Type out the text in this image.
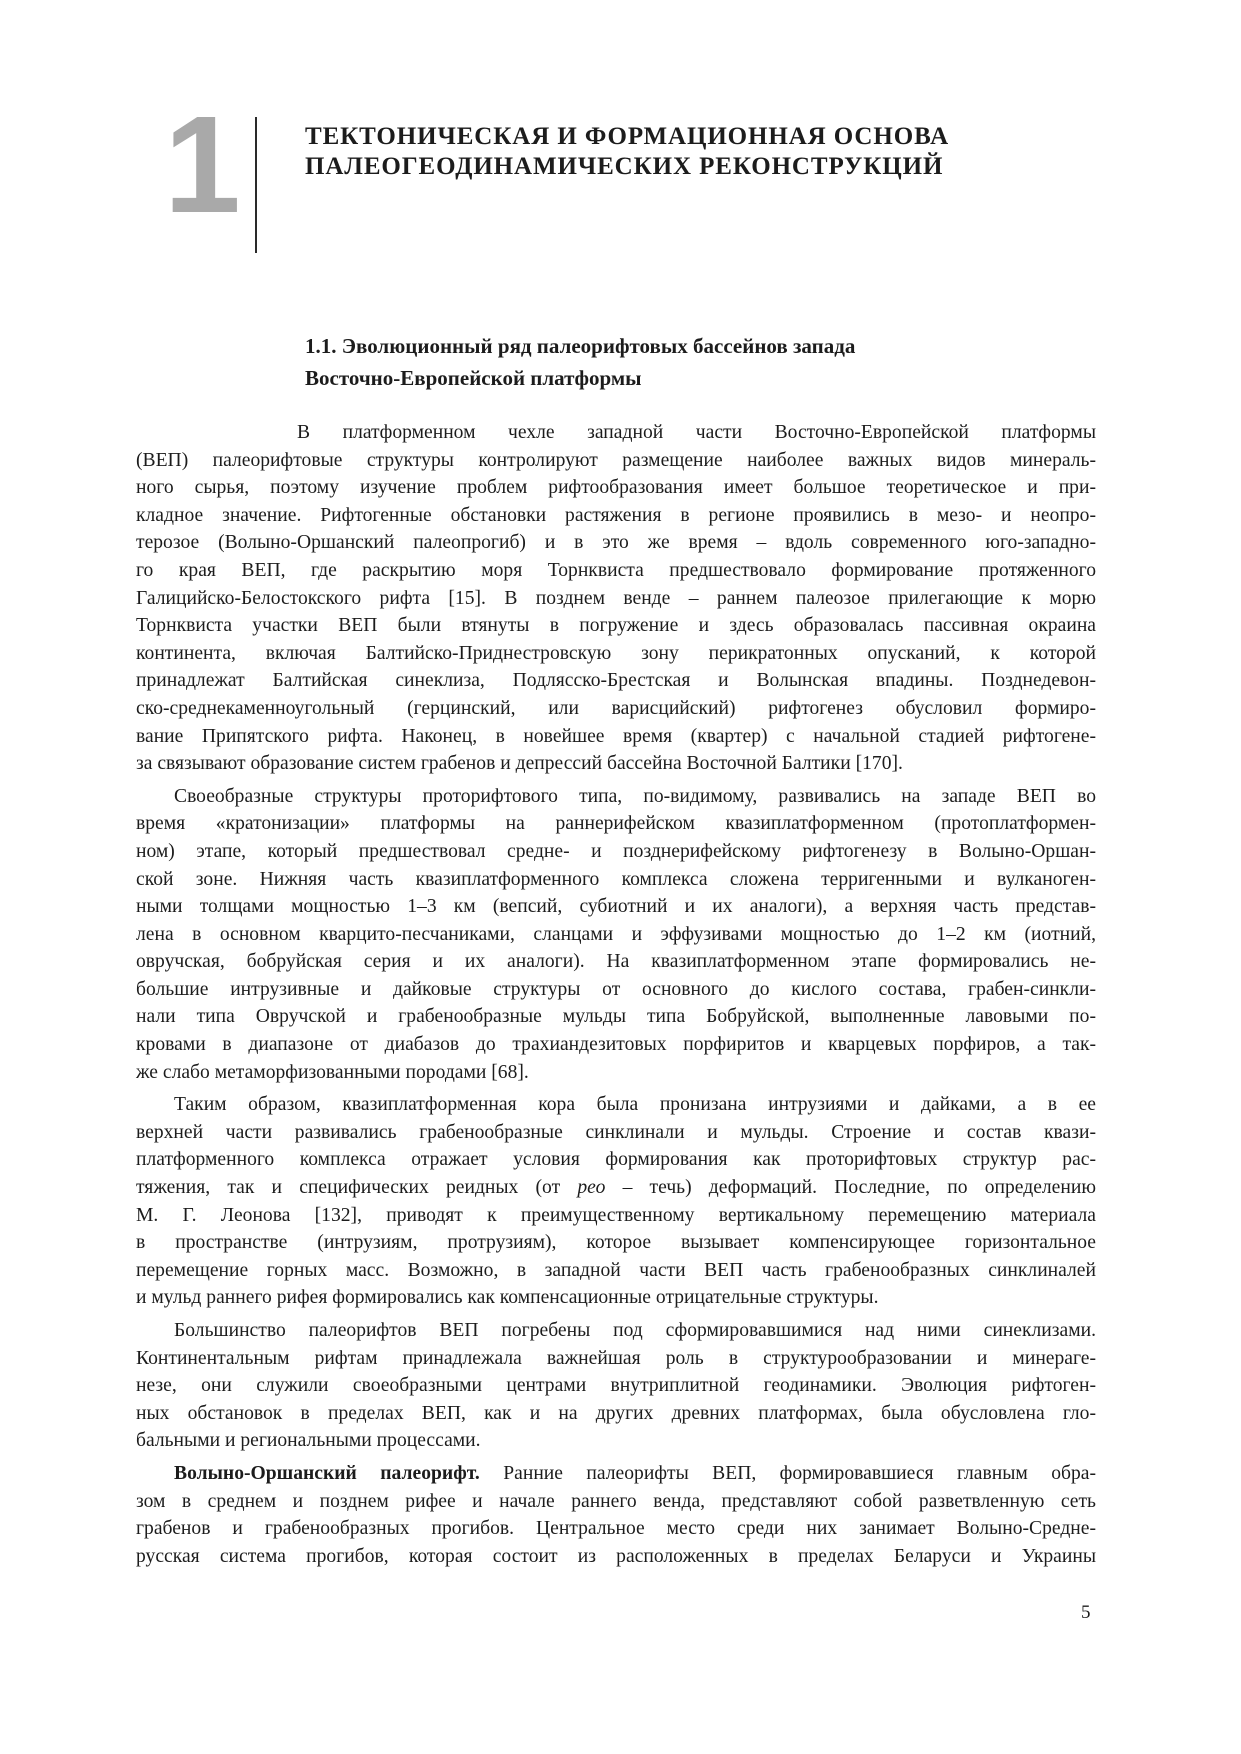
1	ТЕКТОНИЧЕСКАЯ И ФОРМАЦИОННАЯ ОСНОВА
ПАЛЕОГЕОДИНАМИЧЕСКИХ РЕКОНСТРУКЦИЙ
1.1. Эволюционный ряд палеорифтовых бассейнов запада
Восточно-Европейской платформы

В платформенном чехле западной части Восточно-Европейской платформы
(ВЕП) палеорифтовые структуры контролируют размещение наиболее важных видов минераль-
ного сырья, поэтому изучение проблем рифтообразования имеет большое теоретическое и при-
кладное значение. Рифтогенные обстановки растяжения в регионе проявились в мезо- и неопро-
терозое (Волыно-Оршанский палеопрогиб) и в это же время – вдоль современного юго-западно-
го края ВЕП, где раскрытию моря Торнквиста предшествовало формирование протяженного
Галицийско-Белостокского рифта [15]. В позднем венде – раннем палеозое прилегающие к морю
Торнквиста участки ВЕП были втянуты в погружение и здесь образовалась пассивная окраина
континента, включая Балтийско-Приднестровскую зону перикратонных опусканий, к которой
принадлежат Балтийская синеклиза, Подлясско-Брестская и Волынская впадины. Позднедевон-
ско-среднекаменноугольный (герцинский, или варисцийский) рифтогенез обусловил формиро-
вание Припятского рифта. Наконец, в новейшее время (квартер) с начальной стадией рифтогене-
за связывают образование систем грабенов и депрессий бассейна Восточной Балтики [170].

Своеобразные структуры проторифтового типа, по-видимому, развивались на западе ВЕП во
время «кратонизации» платформы на раннерифейском квазиплатформенном (протоплатформен-
ном) этапе, который предшествовал средне- и позднерифейскому рифтогенезу в Волыно-Оршан-
ской зоне. Нижняя часть квазиплатформенного комплекса сложена терригенными и вулканоген-
ными толщами мощностью 1–3 км (вепсий, субиотний и их аналоги), а верхняя часть представ-
лена в основном кварцито-песчаниками, сланцами и эффузивами мощностью до 1–2 км (иотний,
овручская, бобруйская серия и их аналоги). На квазиплатформенном этапе формировались не-
большие интрузивные и дайковые структуры от основного до кислого состава, грабен-синкли-
нали типа Овручской и грабенообразные мульды типа Бобруйской, выполненные лавовыми по-
кровами в диапазоне от диабазов до трахиандезитовых порфиритов и кварцевых порфиров, а так-
же слабо метаморфизованными породами [68].

Таким образом, квазиплатформенная кора была пронизана интрузиями и дайками, а в ее
верхней части развивались грабенообразные синклинали и мульды. Строение и состав квази-
платформенного комплекса отражает условия формирования как проторифтовых структур рас-
тяжения, так и специфических реидных (от рео – течь) деформаций. Последние, по определению
М. Г. Леонова [132], приводят к преимущественному вертикальному перемещению материала
в пространстве (интрузиям, протрузиям), которое вызывает компенсирующее горизонтальное
перемещение горных масс. Возможно, в западной части ВЕП часть грабенообразных синклиналей
и мульд раннего рифея формировались как компенсационные отрицательные структуры.

Большинство палеорифтов ВЕП погребены под сформировавшимися над ними синеклизами.
Континентальным рифтам принадлежала важнейшая роль в структурообразовании и минераге-
незе, они служили своеобразными центрами внутриплитной геодинамики. Эволюция рифтоген-
ных обстановок в пределах ВЕП, как и на других древних платформах, была обусловлена гло-
бальными и региональными процессами.

Волыно-Оршанский палеорифт. Ранние палеорифты ВЕП, формировавшиеся главным обра-
зом в среднем и позднем рифее и начале раннего венда, представляют собой разветвленную сеть
грабенов и грабенообразных прогибов. Центральное место среди них занимает Волыно-Средне-
русская система прогибов, которая состоит из расположенных в пределах Беларуси и Украины

5
